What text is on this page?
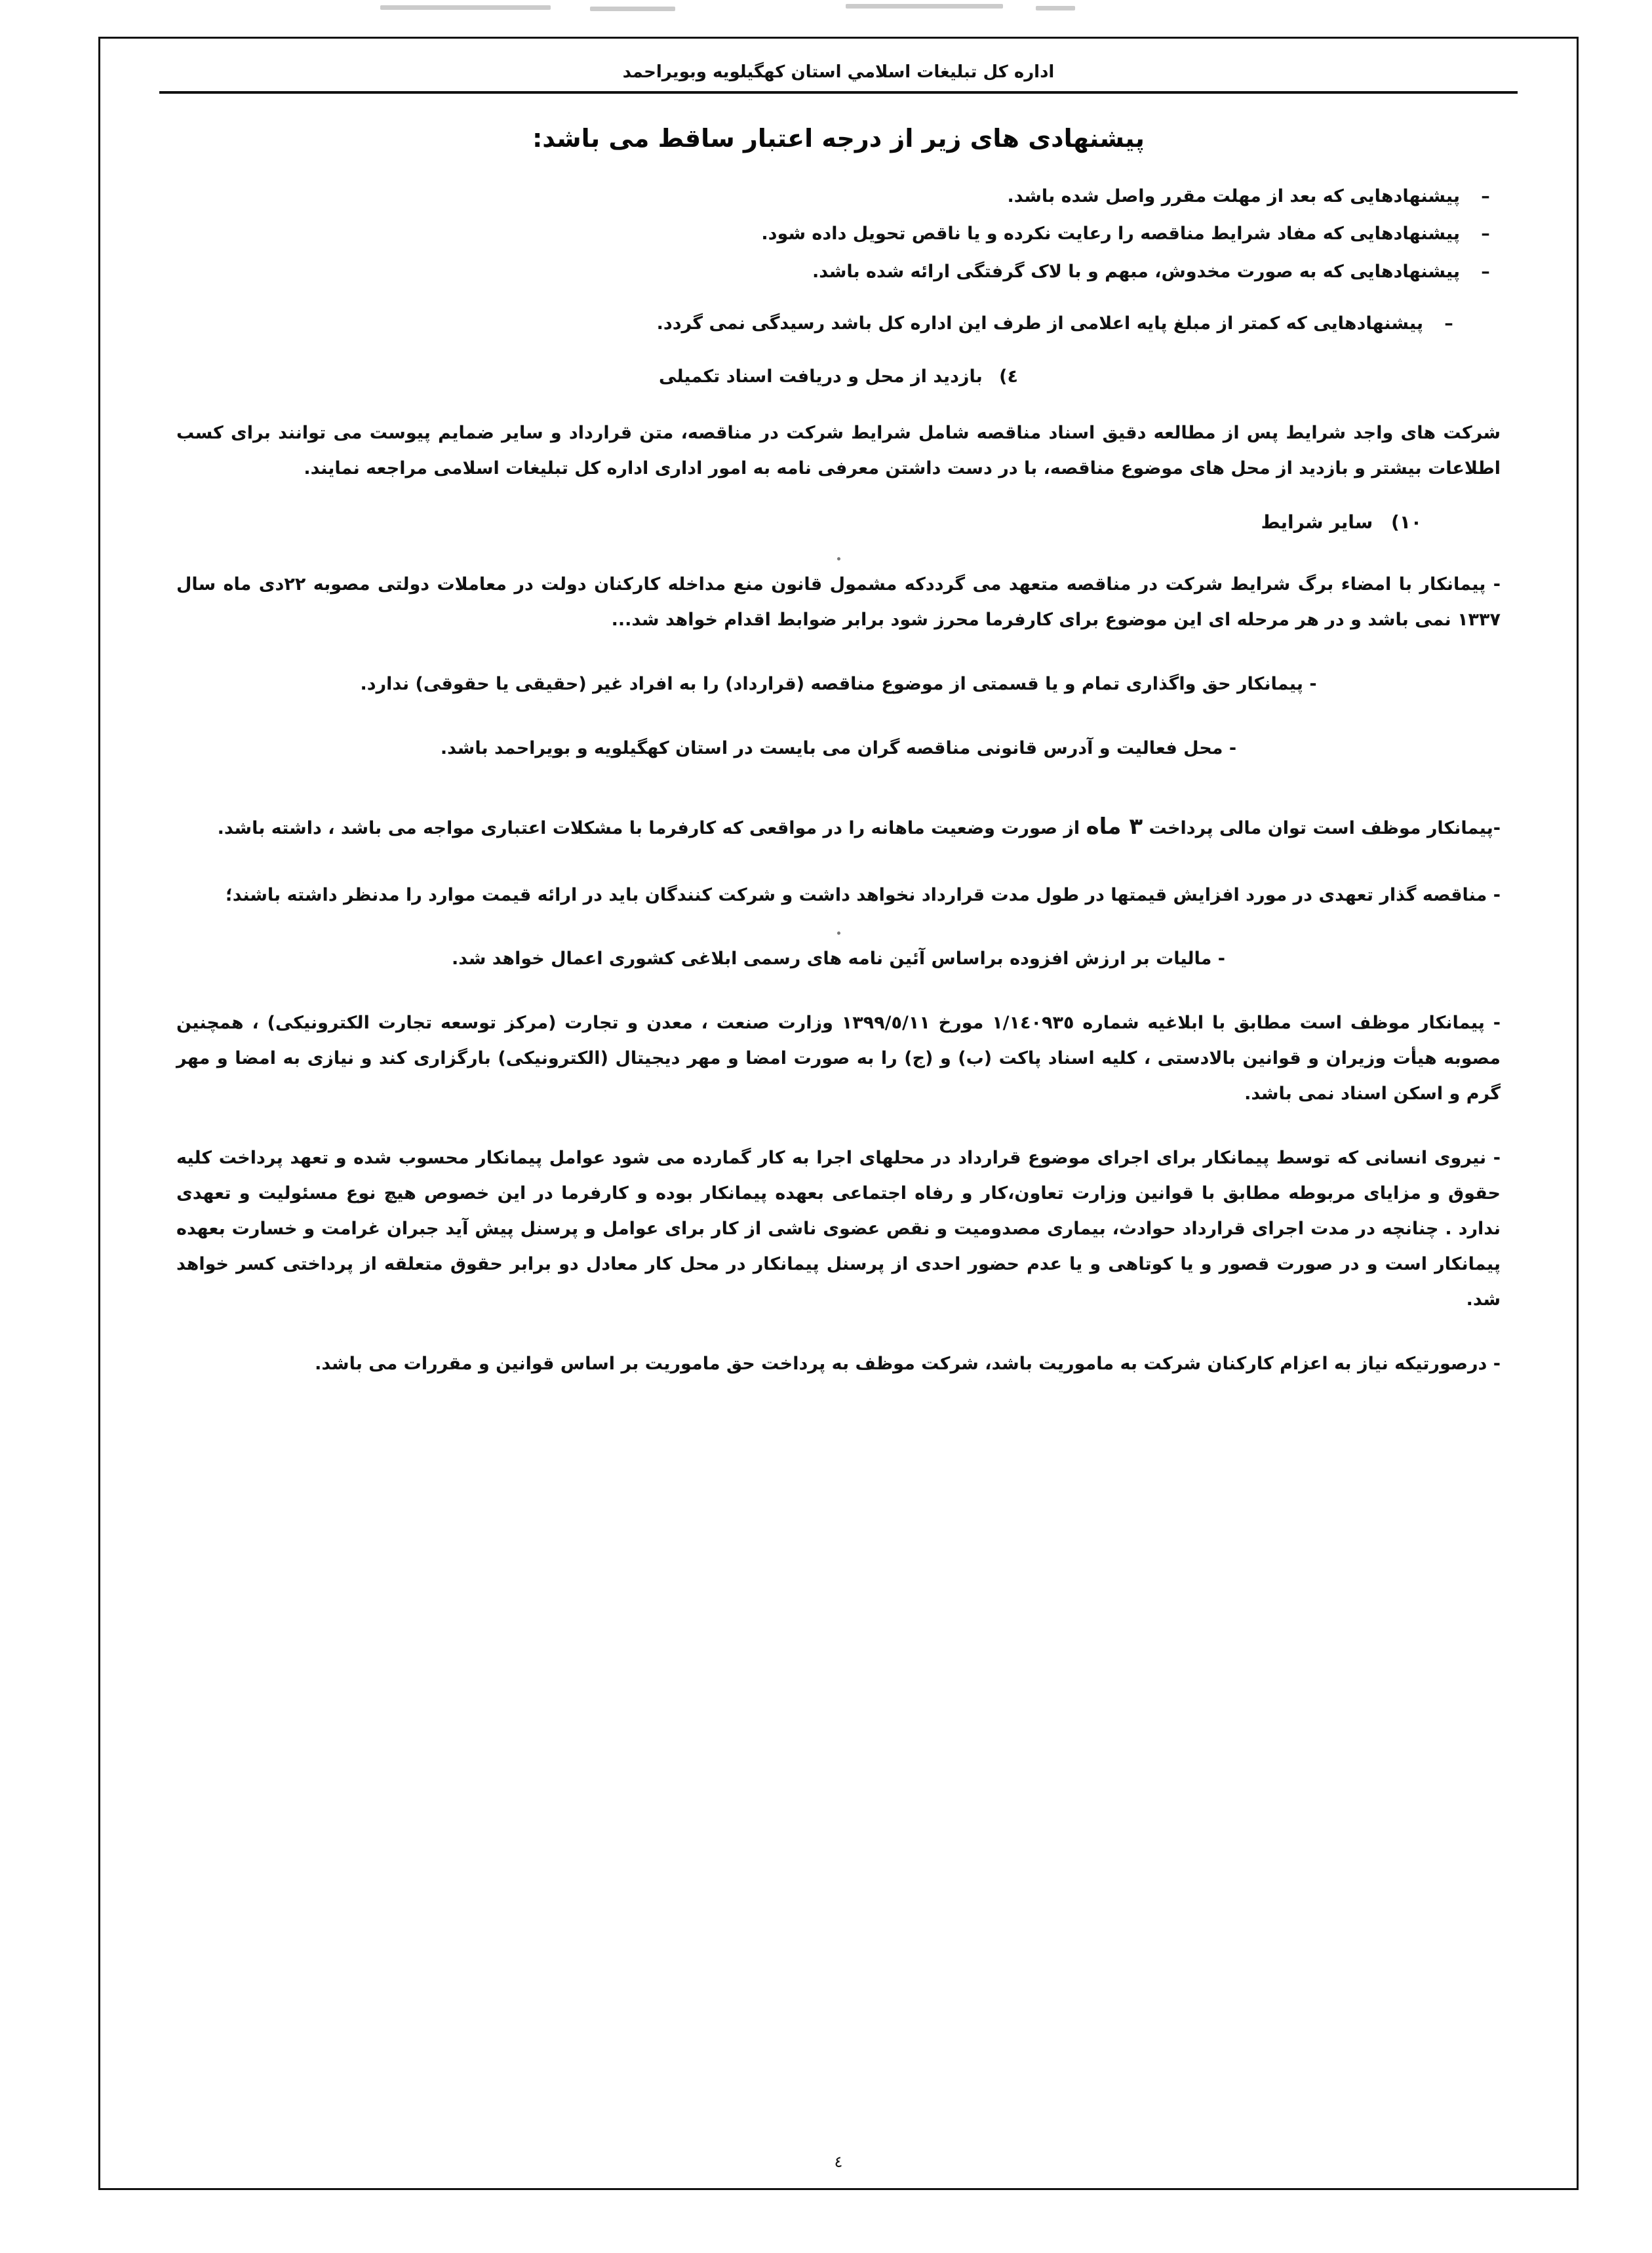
اداره كل تبليغات اسلامي استان كهگيلويه وبويراحمد
پیشنهادی های زیر از درجه اعتبار ساقط می باشد:
–
پیشنهادهایی که بعد از مهلت مقرر واصل شده باشد.
–
پیشنهادهایی که مفاد شرایط مناقصه را رعایت نکرده و یا ناقص تحویل داده شود.
–
پیشنهادهایی که به صورت مخدوش، مبهم و با لاک گرفتگی ارائه شده باشد.
–
پیشنهادهایی که کمتر از مبلغ پایه اعلامی از طرف این اداره کل باشد رسیدگی نمی گردد.
٤) بازدید از محل و دریافت اسناد تکمیلی

شرکت های واجد شرایط پس از مطالعه دقیق اسناد مناقصه شامل شرایط شرکت در مناقصه، متن قرارداد و سایر ضمایم پیوست می توانند برای کسب اطلاعات بیشتر و بازدید از محل های موضوع مناقصه، با در دست داشتن معرفی نامه به امور اداری اداره کل تبلیغات اسلامی مراجعه نمایند.

١٠) سایر شرایط

- پیمانکار با امضاء برگ شرایط شرکت در مناقصه متعهد می گرددکه مشمول قانون منع مداخله کارکنان دولت در معاملات دولتی مصوبه ٢٢دی ماه سال ١٣٣٧ نمی باشد و در هر مرحله ای این موضوع برای کارفرما محرز شود برابر ضوابط اقدام خواهد شد...

- پیمانکار حق واگذاری تمام و یا قسمتی از موضوع مناقصه (قرارداد) را به افراد غیر (حقیقی یا حقوقی) ندارد.

- محل فعالیت و آدرس قانونی مناقصه گران می بایست در استان کهگیلویه و بویراحمد باشد.

-پیمانکار موظف است توان مالی پرداخت ٣ ماه از صورت وضعیت ماهانه را در مواقعی که کارفرما با مشکلات اعتباری مواجه می باشد ، داشته باشد.

- مناقصه گذار تعهدی در مورد افزایش قیمتها در طول مدت قرارداد نخواهد داشت و شرکت کنندگان باید در ارائه قیمت موارد را مدنظر داشته باشند؛

- مالیات بر ارزش افزوده براساس آئین نامه های رسمی ابلاغی کشوری اعمال خواهد شد.

- پیمانکار موظف است مطابق با ابلاغیه شماره ١/١٤٠٩٣٥ مورخ ١٣٩٩/٥/١١ وزارت صنعت ، معدن و تجارت (مرکز توسعه تجارت الکترونیکی) ، همچنین مصوبه هیأت وزیران و قوانین بالادستی ، کلیه اسناد پاکت (ب) و (ج) را به صورت امضا و مهر دیجیتال (الکترونیکی) بارگزاری کند و نیازی به امضا و مهر گرم و اسکن اسناد نمی باشد.

- نیروی انسانی که توسط پیمانکار برای اجرای موضوع قرارداد در محلهای اجرا به کار گمارده می شود عوامل پیمانکار محسوب شده و تعهد پرداخت کلیه حقوق و مزایای مربوطه مطابق با قوانین وزارت تعاون،کار و رفاه اجتماعی بعهده پیمانکار بوده و کارفرما در این خصوص هیچ نوع مسئولیت و تعهدی ندارد . چنانچه در مدت اجرای قرارداد حوادث، بیماری مصدومیت و نقص عضوی ناشی از کار برای عوامل و پرسنل پیش آید جبران غرامت و خسارت بعهده پیمانکار است و در صورت قصور و یا کوتاهی و یا عدم حضور احدی از پرسنل پیمانکار در محل کار معادل دو برابر حقوق متعلقه از پرداختی کسر خواهد شد.

- درصورتیکه نیاز به اعزام کارکنان شرکت به ماموریت باشد، شرکت موظف به پرداخت حق ماموریت بر اساس قوانین و مقررات می باشد.

٤
